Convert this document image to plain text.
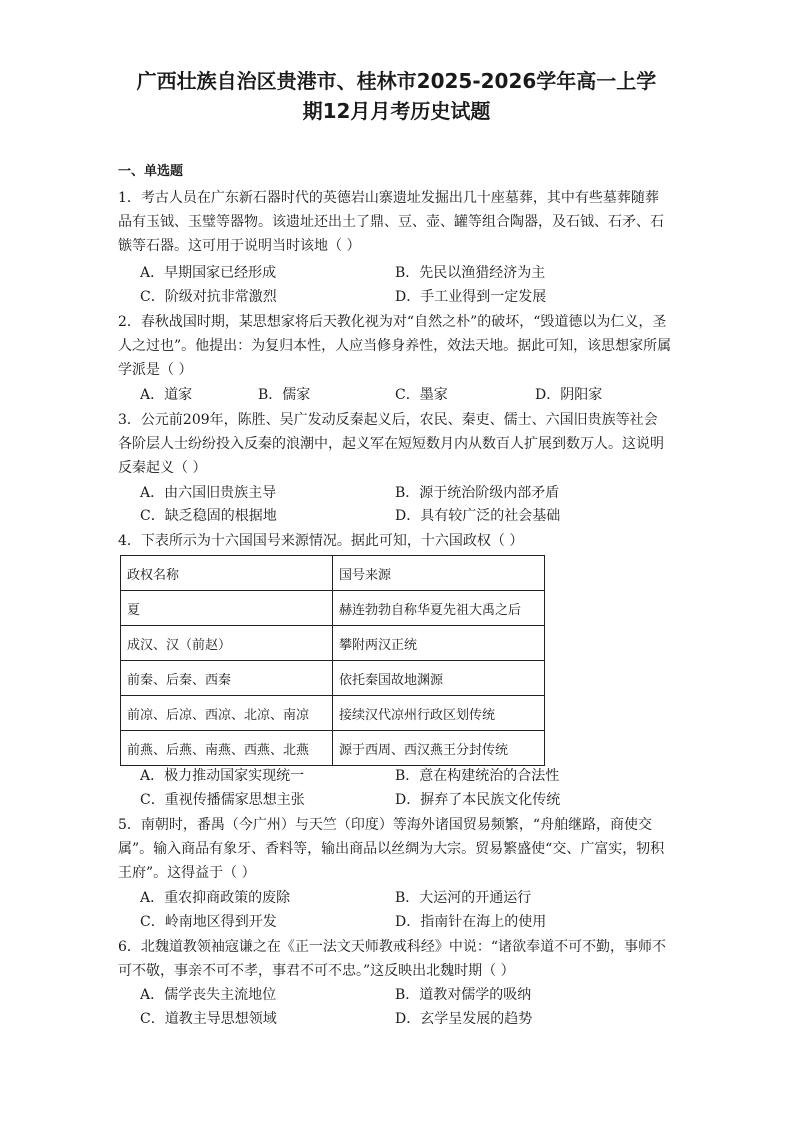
广西壮族自治区贵港市、桂林市2025-2026学年高一上学
期12月月考历史试题
一、单选题
1．考古人员在广东新石器时代的英德岩山寨遗址发掘出几十座墓葬，其中有些墓葬随葬
品有玉钺、玉璧等器物。该遗址还出土了鼎、豆、壶、罐等组合陶器，及石钺、石矛、石
镞等石器。这可用于说明当时该地（ ）
A．早期国家已经形成	B．先民以渔猎经济为主
C．阶级对抗非常激烈	D．手工业得到一定发展
2．春秋战国时期，某思想家将后天教化视为对“自然之朴”的破坏，“毁道德以为仁义，圣
人之过也”。他提出：为复归本性，人应当修身养性，效法天地。据此可知，该思想家所属
学派是（ ）
A．道家	B．儒家	C．墨家	D．阴阳家
3．公元前209年，陈胜、吴广发动反秦起义后，农民、秦吏、儒士、六国旧贵族等社会
各阶层人士纷纷投入反秦的浪潮中，起义军在短短数月内从数百人扩展到数万人。这说明
反秦起义（ ）
A．由六国旧贵族主导	B．源于统治阶级内部矛盾
C．缺乏稳固的根据地	D．具有较广泛的社会基础
4．下表所示为十六国国号来源情况。据此可知，十六国政权（ ）
政权名称	国号来源
夏	赫连勃勃自称华夏先祖大禹之后
成汉、汉（前赵）	攀附两汉正统
前秦、后秦、西秦	依托秦国故地渊源
前凉、后凉、西凉、北凉、南凉	接续汉代凉州行政区划传统
前燕、后燕、南燕、西燕、北燕	源于西周、西汉燕王分封传统
A．极力推动国家实现统一	B．意在构建统治的合法性
C．重视传播儒家思想主张	D．摒弃了本民族文化传统
5．南朝时，番禺（今广州）与天竺（印度）等海外诸国贸易频繁，“舟舶继路，商使交
属”。输入商品有象牙、香料等，输出商品以丝绸为大宗。贸易繁盛使“交、广富实，牣积
王府”。这得益于（ ）
A．重农抑商政策的废除	B．大运河的开通运行
C．岭南地区得到开发	D．指南针在海上的使用
6．北魏道教领袖寇谦之在《正一法文天师教戒科经》中说：“诸欲奉道不可不勤，事师不
可不敬，事亲不可不孝，事君不可不忠。”这反映出北魏时期（ ）
A．儒学丧失主流地位	B．道教对儒学的吸纳
C．道教主导思想领域	D．玄学呈发展的趋势
